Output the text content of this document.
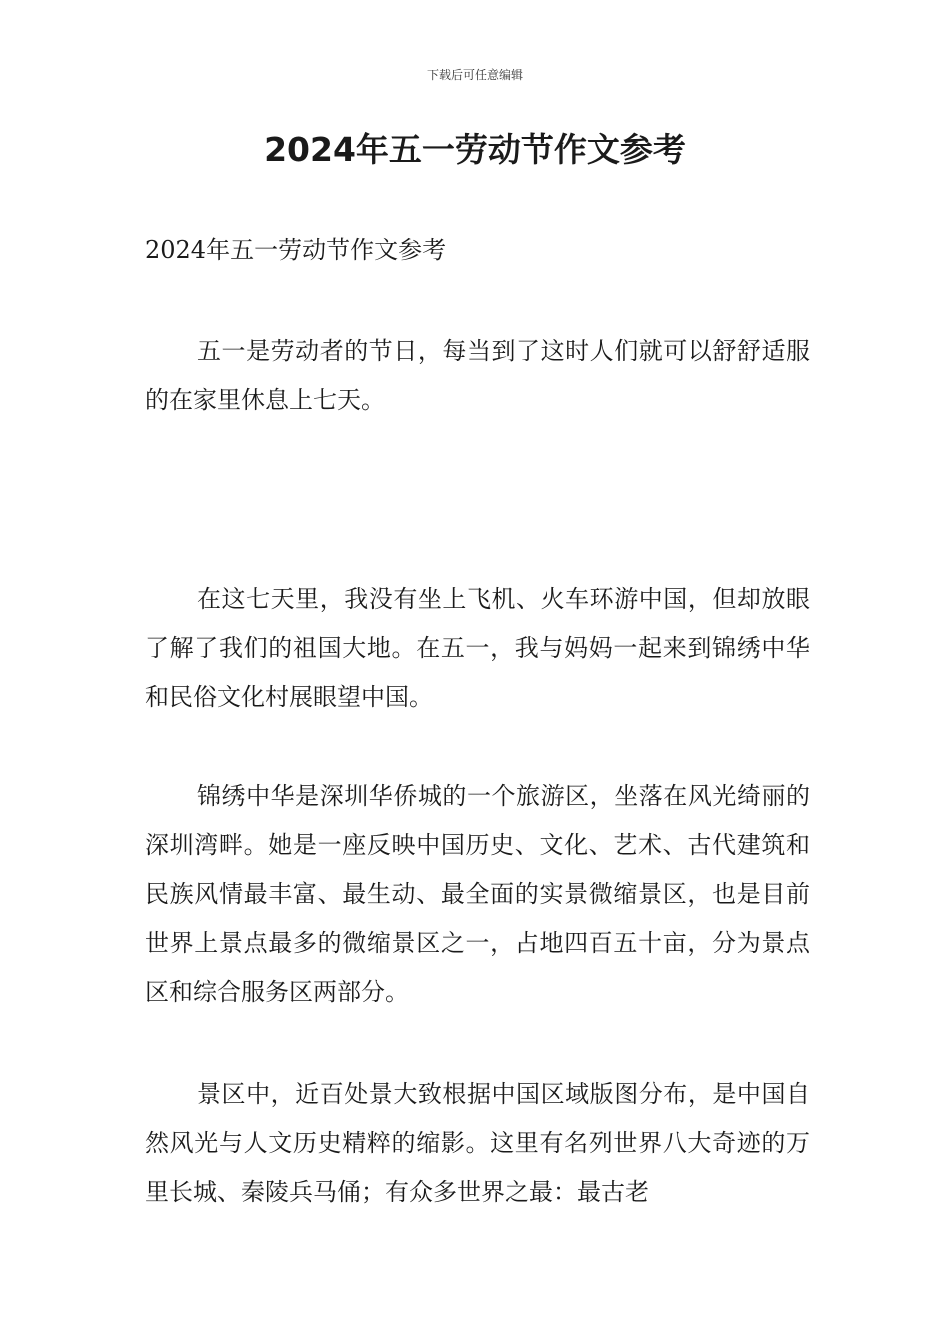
下载后可任意编辑
2024年五一劳动节作文参考

2024年五一劳动节作文参考

五一是劳动者的节日，每当到了这时人们就可以舒舒适服的在家里休息上七天。

在这七天里，我没有坐上飞机、火车环游中国，但却放眼了解了我们的祖国大地。在五一，我与妈妈一起来到锦绣中华和民俗文化村展眼望中国。

锦绣中华是深圳华侨城的一个旅游区，坐落在风光绮丽的深圳湾畔。她是一座反映中国历史、文化、艺术、古代建筑和民族风情最丰富、最生动、最全面的实景微缩景区，也是目前世界上景点最多的微缩景区之一，占地四百五十亩，分为景点区和综合服务区两部分。

景区中，近百处景大致根据中国区域版图分布，是中国自然风光与人文历史精粹的缩影。这里有名列世界八大奇迹的万里长城、秦陵兵马俑；有众多世界之最：最古老
